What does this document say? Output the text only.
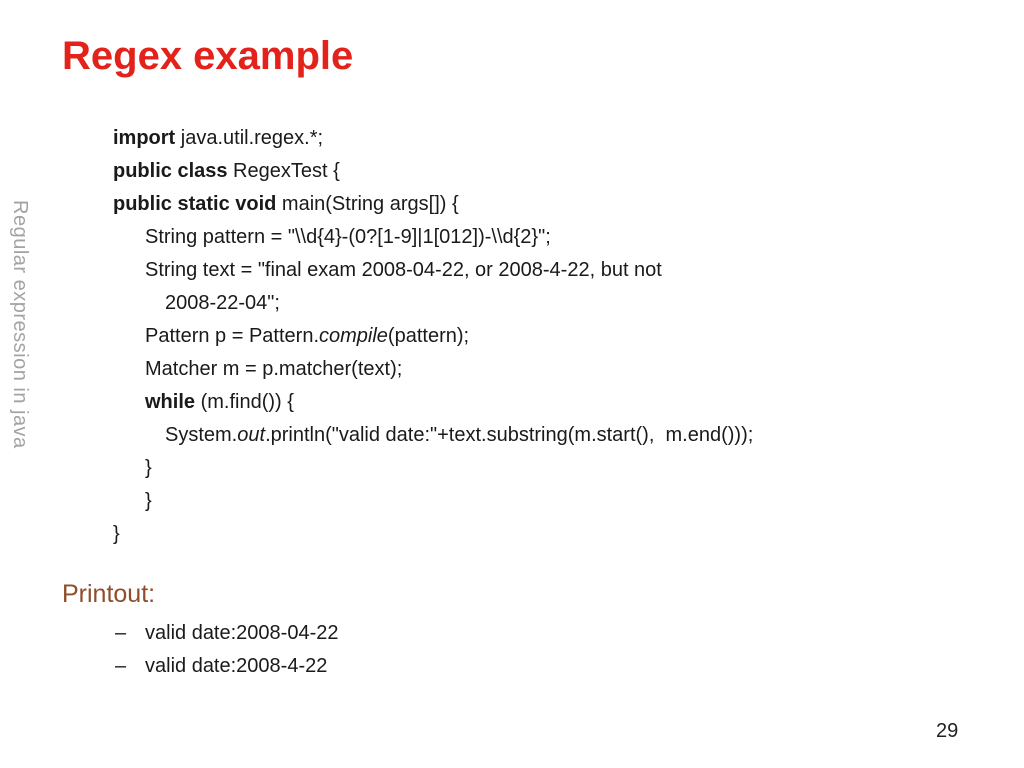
Regex example
Regular expression in java
import java.util.regex.*;
public class RegexTest {
public static void main(String args[]) {
String pattern = "\\d{4}-(0?[1-9]|1[012])-\\d{2}";
String text = "final exam 2008-04-22, or 2008-4-22, but not
2008-22-04";
Pattern p = Pattern.compile(pattern);
Matcher m = p.matcher(text);
while (m.find()) {
System.out.println("valid date:"+text.substring(m.start(),  m.end()));
}
}
}
Printout:
– valid date:2008-04-22
– valid date:2008-4-22
29
